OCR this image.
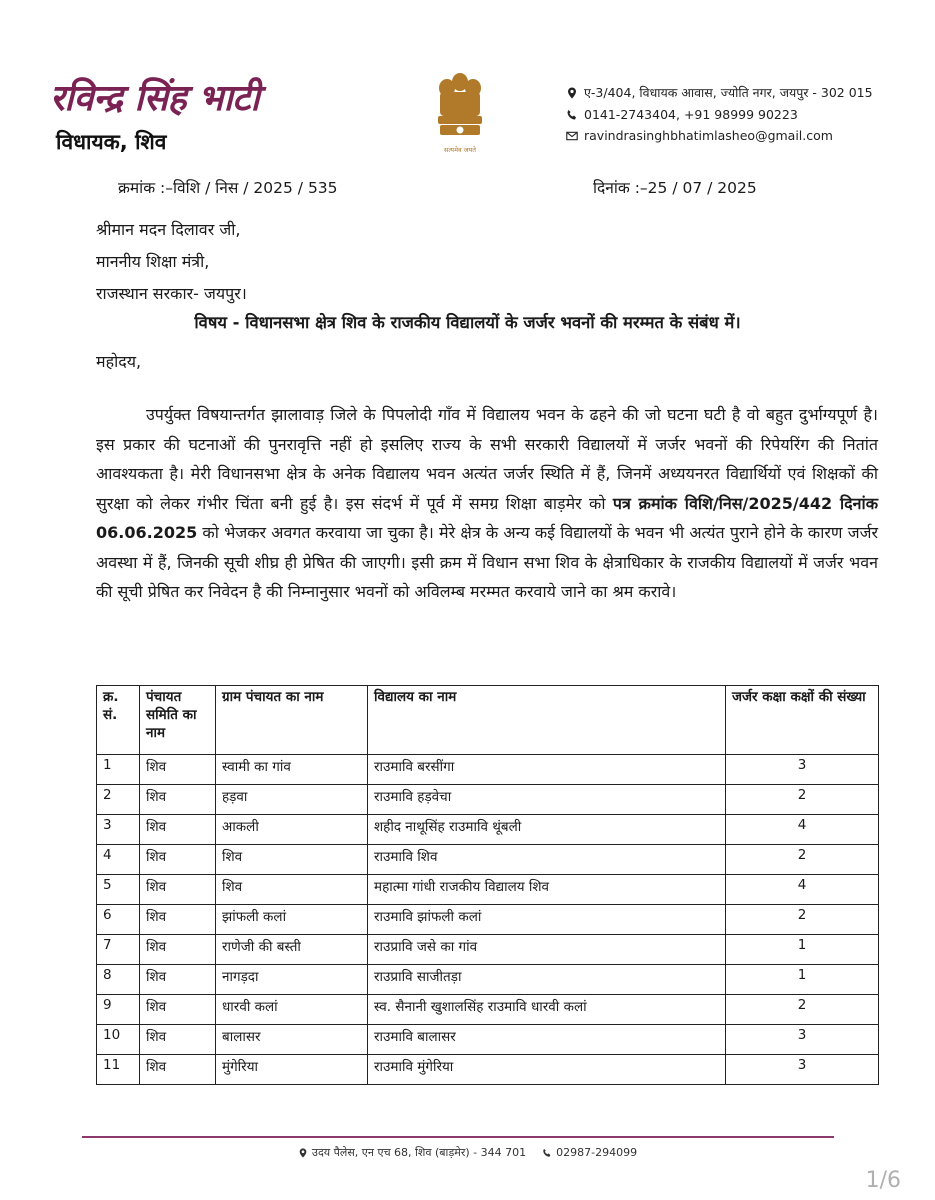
रविन्द्र सिंह भाटी
विधायक, शिव	सत्यमेव जयते
ए-3/404, विधायक आवास, ज्योति नगर, जयपुर - 302 015
0141-2743404, +91 98999 90223
ravindrasinghbhatimlasheo@gmail.com
क्रमांक :–विशि / निस / 2025 / 535	दिनांक :–25 / 07 / 2025
श्रीमान मदन दिलावर जी,
माननीय शिक्षा मंत्री,
राजस्थान सरकार- जयपुर।
विषय - विधानसभा क्षेत्र शिव के राजकीय विद्यालयों के जर्जर भवनों की मरम्मत के संबंध में।
महोदय,

उपर्युक्त विषयान्तर्गत झालावाड़ जिले के पिपलोदी गाँव में विद्यालय भवन के ढहने की जो घटना घटी है वो बहुत दुर्भाग्यपूर्ण है। इस प्रकार की घटनाओं की पुनरावृत्ति नहीं हो इसलिए राज्य के सभी सरकारी विद्यालयों में जर्जर भवनों की रिपेयरिंग की नितांत आवश्यकता है। मेरी विधानसभा क्षेत्र के अनेक विद्यालय भवन अत्यंत जर्जर स्थिति में हैं, जिनमें अध्ययनरत विद्यार्थियों एवं शिक्षकों की सुरक्षा को लेकर गंभीर चिंता बनी हुई है। इस संदर्भ में पूर्व में समग्र शिक्षा बाड़मेर को पत्र क्रमांक विशि/निस/2025/442 दिनांक 06.06.2025 को भेजकर अवगत करवाया जा चुका है। मेरे क्षेत्र के अन्य कई विद्यालयों के भवन भी अत्यंत पुराने होने के कारण जर्जर अवस्था में हैं, जिनकी सूची शीघ्र ही प्रेषित की जाएगी। इसी क्रम में विधान सभा शिव के क्षेत्राधिकार के राजकीय विद्यालयों में जर्जर भवन की सूची प्रेषित कर निवेदन है की निम्नानुसार भवनों को अविलम्ब मरम्मत करवाये जाने का श्रम करावे।

क्र. सं.	पंचायत समिति का नाम	ग्राम पंचायत का नाम	विद्यालय का नाम	जर्जर कक्षा कक्षों की संख्या
1	शिव	स्वामी का गांव	राउमावि बरसींगा	3
2	शिव	हड़वा	राउमावि हड़वेचा	2
3	शिव	आकली	शहीद नाथूसिंह राउमावि थूंबली	4
4	शिव	शिव	राउमावि शिव	2
5	शिव	शिव	महात्मा गांधी राजकीय विद्यालय शिव	4
6	शिव	झांफली कलां	राउमावि झांफली कलां	2
7	शिव	राणेजी की बस्ती	राउप्रावि जसे का गांव	1
8	शिव	नागड़दा	राउप्रावि साजीतड़ा	1
9	शिव	धारवी कलां	स्व. सैनानी खुशालसिंह राउमावि धारवी कलां	2
10	शिव	बालासर	राउमावि बालासर	3
11	शिव	मुंगेरिया	राउमावि मुंगेरिया	3
उदय पैलेस, एन एच 68, शिव (बाड़मेर) - 344 701	02987-294099
1/6
